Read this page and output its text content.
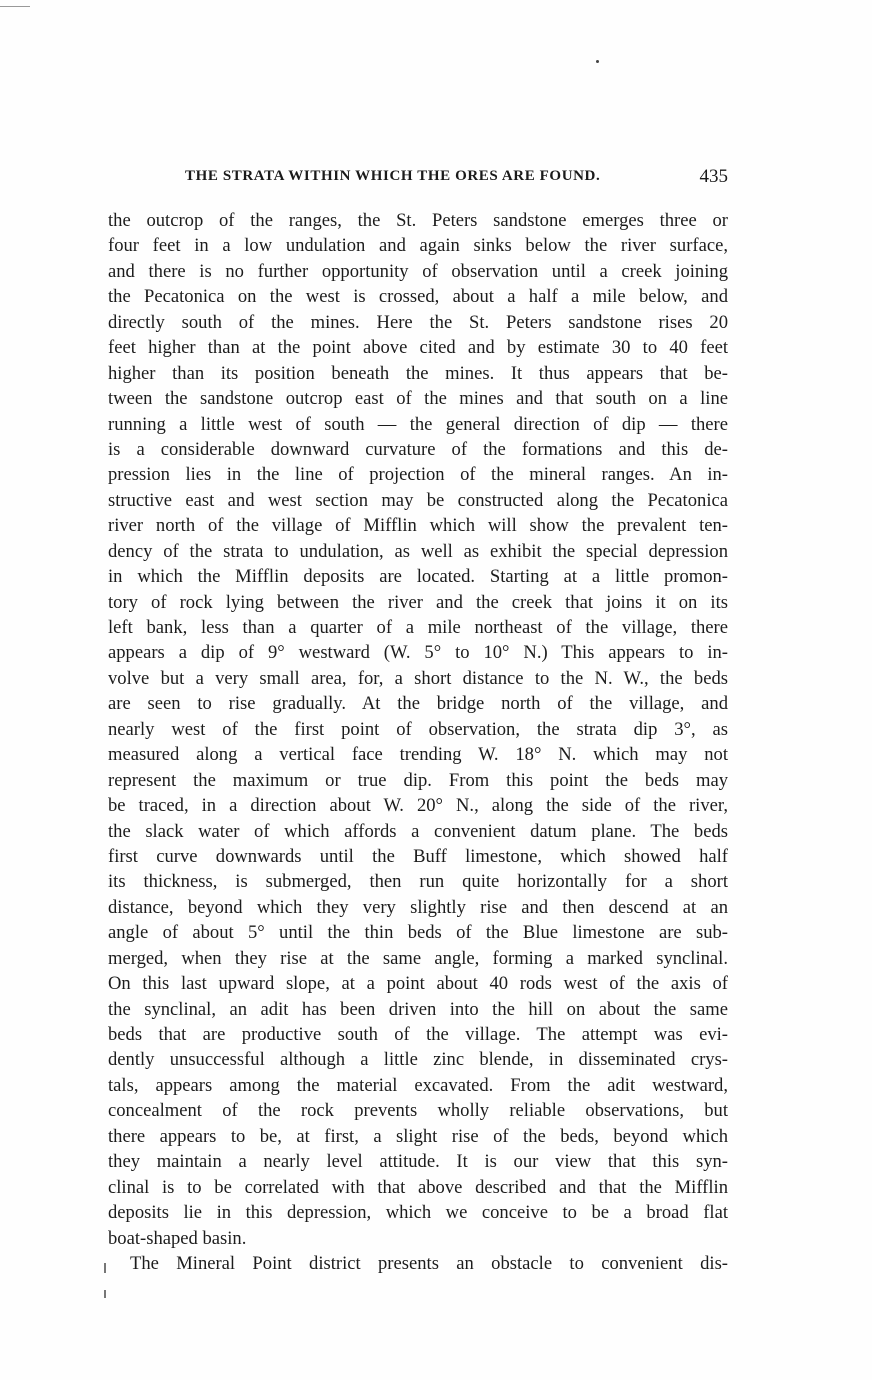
THE STRATA WITHIN WHICH THE ORES ARE FOUND.	435
the outcrop of the ranges, the St. Peters sandstone emerges three or
four feet in a low undulation and again sinks below the river surface,
and there is no further opportunity of observation until a creek joining
the Pecatonica on the west is crossed, about a half a mile below, and
directly south of the mines. Here the St. Peters sandstone rises 20
feet higher than at the point above cited and by estimate 30 to 40 feet
higher than its position beneath the mines. It thus appears that be-
tween the sandstone outcrop east of the mines and that south on a line
running a little west of south — the general direction of dip — there
is a considerable downward curvature of the formations and this de-
pression lies in the line of projection of the mineral ranges. An in-
structive east and west section may be constructed along the Pecatonica
river north of the village of Mifflin which will show the prevalent ten-
dency of the strata to undulation, as well as exhibit the special depression
in which the Mifflin deposits are located. Starting at a little promon-
tory of rock lying between the river and the creek that joins it on its
left bank, less than a quarter of a mile northeast of the village, there
appears a dip of 9° westward (W. 5° to 10° N.) This appears to in-
volve but a very small area, for, a short distance to the N. W., the beds
are seen to rise gradually. At the bridge north of the village, and
nearly west of the first point of observation, the strata dip 3°, as
measured along a vertical face trending W. 18° N. which may not
represent the maximum or true dip. From this point the beds may
be traced, in a direction about W. 20° N., along the side of the river,
the slack water of which affords a convenient datum plane. The beds
first curve downwards until the Buff limestone, which showed half
its thickness, is submerged, then run quite horizontally for a short
distance, beyond which they very slightly rise and then descend at an
angle of about 5° until the thin beds of the Blue limestone are sub-
merged, when they rise at the same angle, forming a marked synclinal.
On this last upward slope, at a point about 40 rods west of the axis of
the synclinal, an adit has been driven into the hill on about the same
beds that are productive south of the village. The attempt was evi-
dently unsuccessful although a little zinc blende, in disseminated crys-
tals, appears among the material excavated. From the adit westward,
concealment of the rock prevents wholly reliable observations, but
there appears to be, at first, a slight rise of the beds, beyond which
they maintain a nearly level attitude. It is our view that this syn-
clinal is to be correlated with that above described and that the Mifflin
deposits lie in this depression, which we conceive to be a broad flat
boat-shaped basin.
The Mineral Point district presents an obstacle to convenient dis-
